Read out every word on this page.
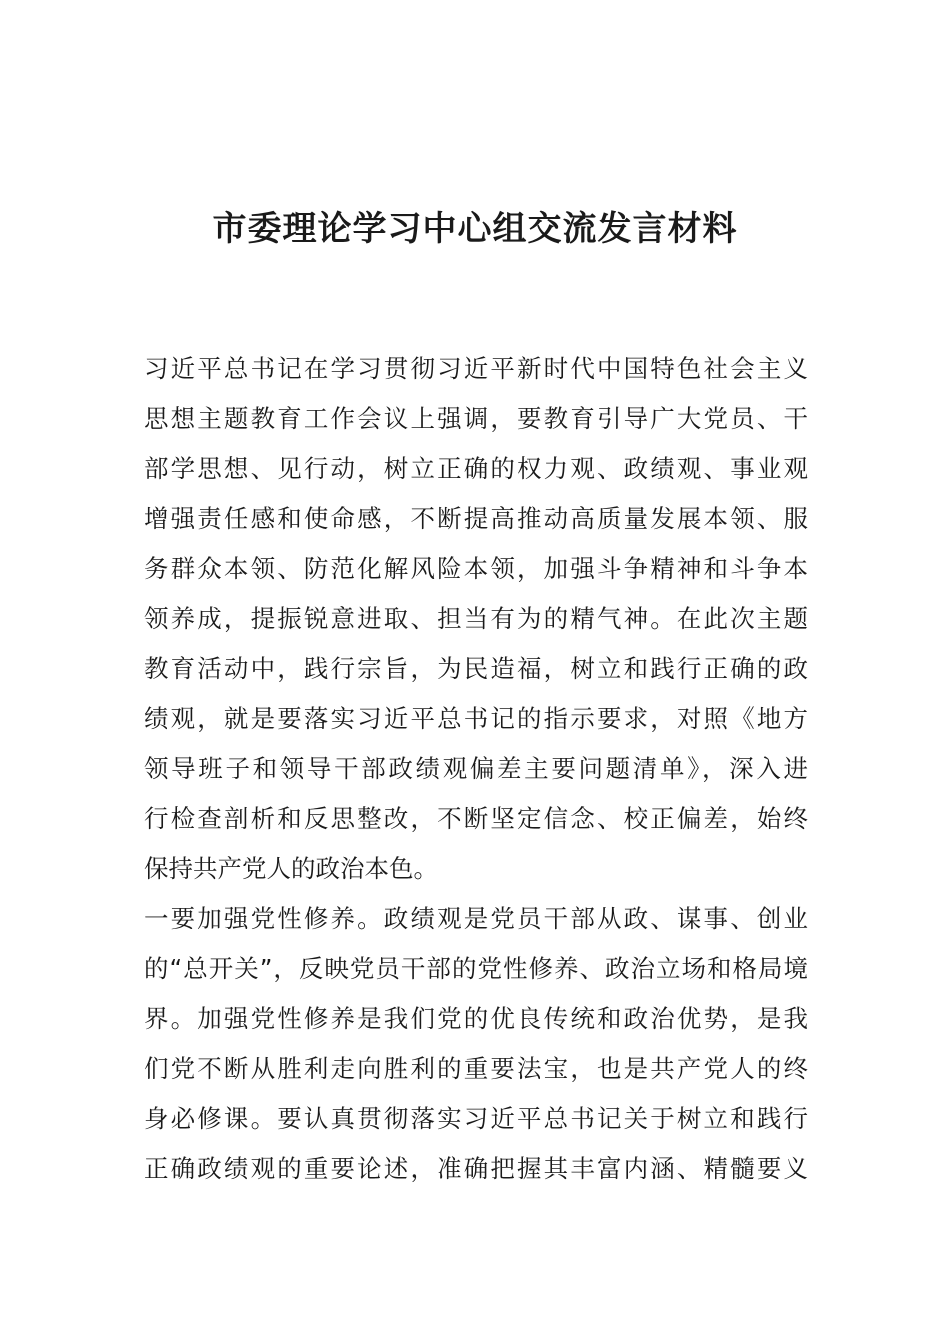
市委理论学习中心组交流发言材料
习近平总书记在学习贯彻习近平新时代中国特色社会主义
思想主题教育工作会议上强调，要教育引导广大党员、干
部学思想、见行动，树立正确的权力观、政绩观、事业观
增强责任感和使命感，不断提高推动高质量发展本领、服
务群众本领、防范化解风险本领，加强斗争精神和斗争本
领养成，提振锐意进取、担当有为的精气神。在此次主题
教育活动中，践行宗旨，为民造福，树立和践行正确的政
绩观，就是要落实习近平总书记的指示要求，对照《地方
领导班子和领导干部政绩观偏差主要问题清单》，深入进
行检查剖析和反思整改，不断坚定信念、校正偏差，始终
保持共产党人的政治本色。
一要加强党性修养。政绩观是党员干部从政、谋事、创业
的“总开关”，反映党员干部的党性修养、政治立场和格局境
界。加强党性修养是我们党的优良传统和政治优势，是我
们党不断从胜利走向胜利的重要法宝，也是共产党人的终
身必修课。要认真贯彻落实习近平总书记关于树立和践行
正确政绩观的重要论述，准确把握其丰富内涵、精髓要义
